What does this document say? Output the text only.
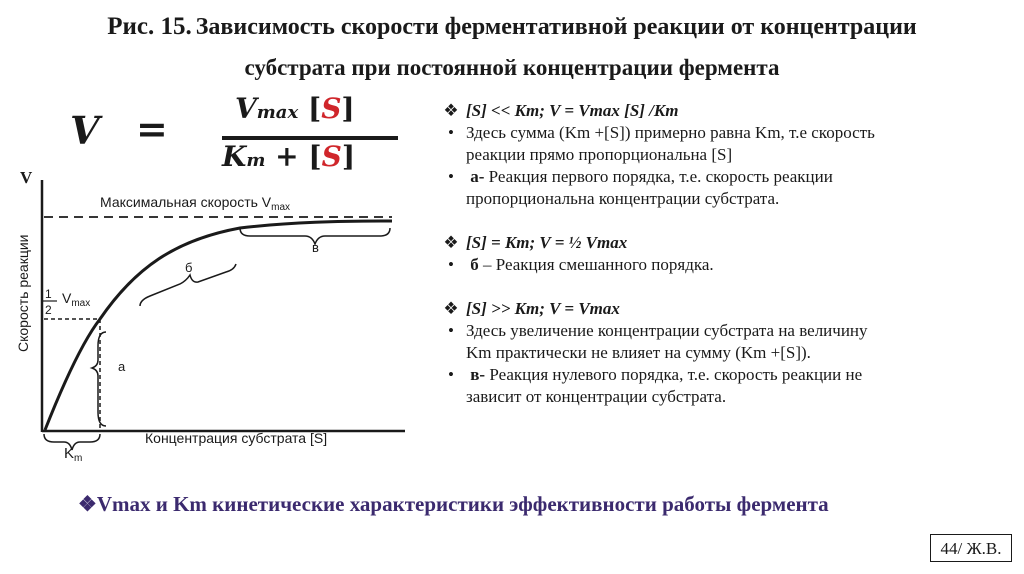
Рис. 15. Зависимость скорости ферментативной реакции от концентрации
субстрата при постоянной концентрации фермента
V = Vmax [S]
Km + [S]
V
Максимальная скорость $V_{max}$
Скорость реакции 1
2
$V_{max}$
а
б
в
Концентрация субстрата [S]
$K_m$
❖ [S] << Km; V = Vmax [S] /Km
• Здесь сумма (Km +[S]) примерно равна Km, т.е скорость
реакции прямо пропорциональна [S]
• а- Реакция первого порядка, т.е. скорость реакции
пропорциональна концентрации субстрата.
❖ [S] = Km; V = ½ Vmax
• б – Реакция смешанного порядка.
❖ [S] >> Km; V = Vmax
• Здесь увеличение концентрации субстрата на величину
Km практически не влияет на сумму (Km +[S]).
• в- Реакция нулевого порядка, т.е. скорость реакции не
зависит от концентрации субстрата.
❖Vmax и Km кинетические характеристики эффективности работы фермента
44/ Ж.В.
